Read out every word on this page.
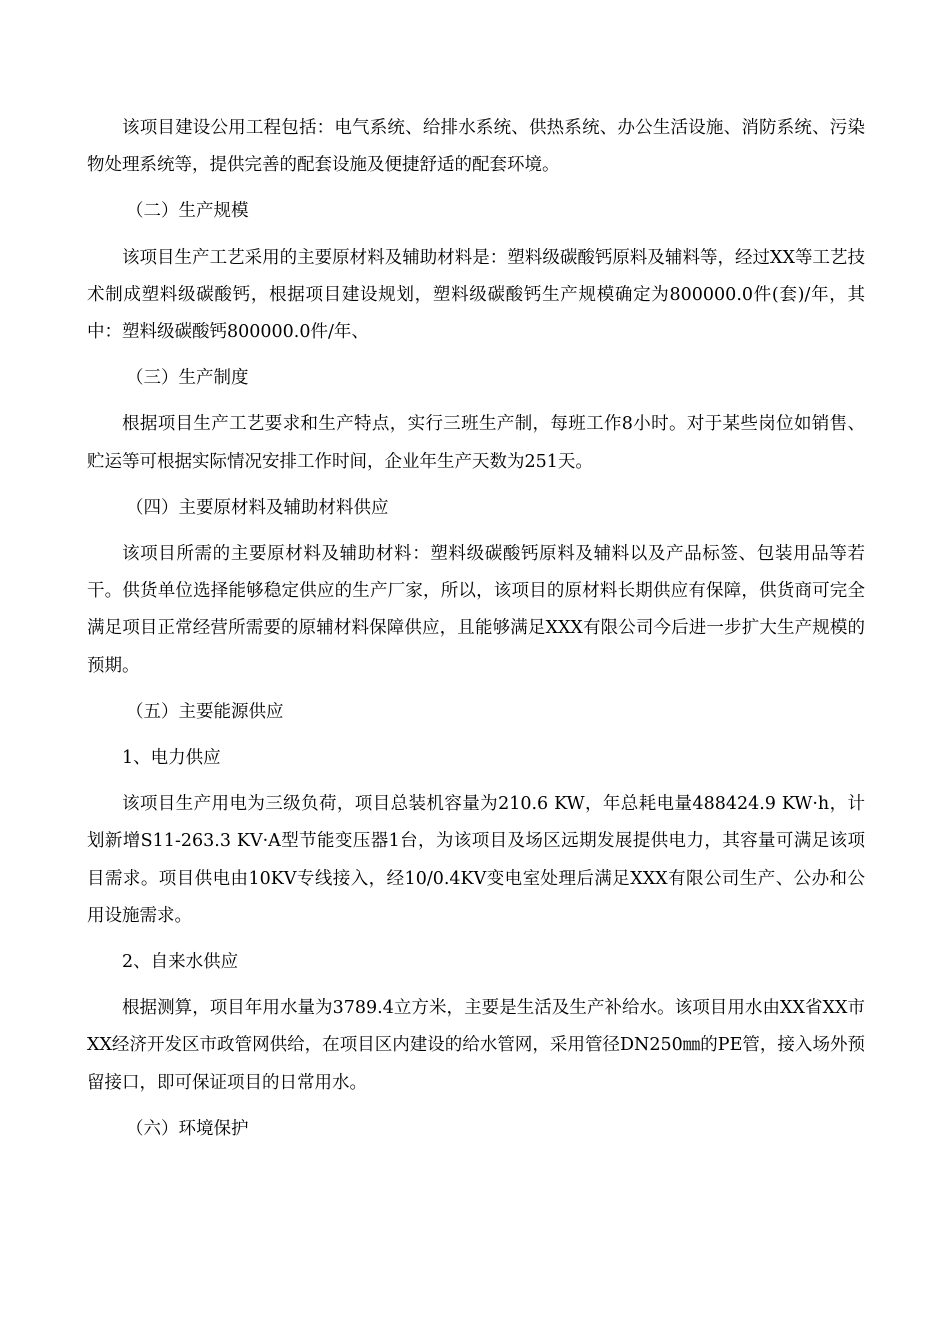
该项目建设公用工程包括：电气系统、给排水系统、供热系统、办公生活设施、消防系统、污染物处理系统等，提供完善的配套设施及便捷舒适的配套环境。

（二）生产规模

该项目生产工艺采用的主要原材料及辅助材料是：塑料级碳酸钙原料及辅料等，经过XX等工艺技术制成塑料级碳酸钙，根据项目建设规划，塑料级碳酸钙生产规模确定为800000.0件(套)/年，其中：塑料级碳酸钙800000.0件/年、

（三）生产制度

根据项目生产工艺要求和生产特点，实行三班生产制，每班工作8小时。对于某些岗位如销售、贮运等可根据实际情况安排工作时间，企业年生产天数为251天。

（四）主要原材料及辅助材料供应

该项目所需的主要原材料及辅助材料：塑料级碳酸钙原料及辅料以及产品标签、包装用品等若干。供货单位选择能够稳定供应的生产厂家，所以，该项目的原材料长期供应有保障，供货商可完全满足项目正常经营所需要的原辅材料保障供应，且能够满足XXX有限公司今后进一步扩大生产规模的预期。

（五）主要能源供应

1、电力供应

该项目生产用电为三级负荷，项目总装机容量为210.6 KW，年总耗电量488424.9 KW·h，计划新增S11-263.3 KV·A型节能变压器1台，为该项目及场区远期发展提供电力，其容量可满足该项目需求。项目供电由10KV专线接入，经10/0.4KV变电室处理后满足XXX有限公司生产、公办和公用设施需求。

2、自来水供应

根据测算，项目年用水量为3789.4立方米，主要是生活及生产补给水。该项目用水由XX省XX市XX经济开发区市政管网供给，在项目区内建设的给水管网，采用管径DN250㎜的PE管，接入场外预留接口，即可保证项目的日常用水。

（六）环境保护
